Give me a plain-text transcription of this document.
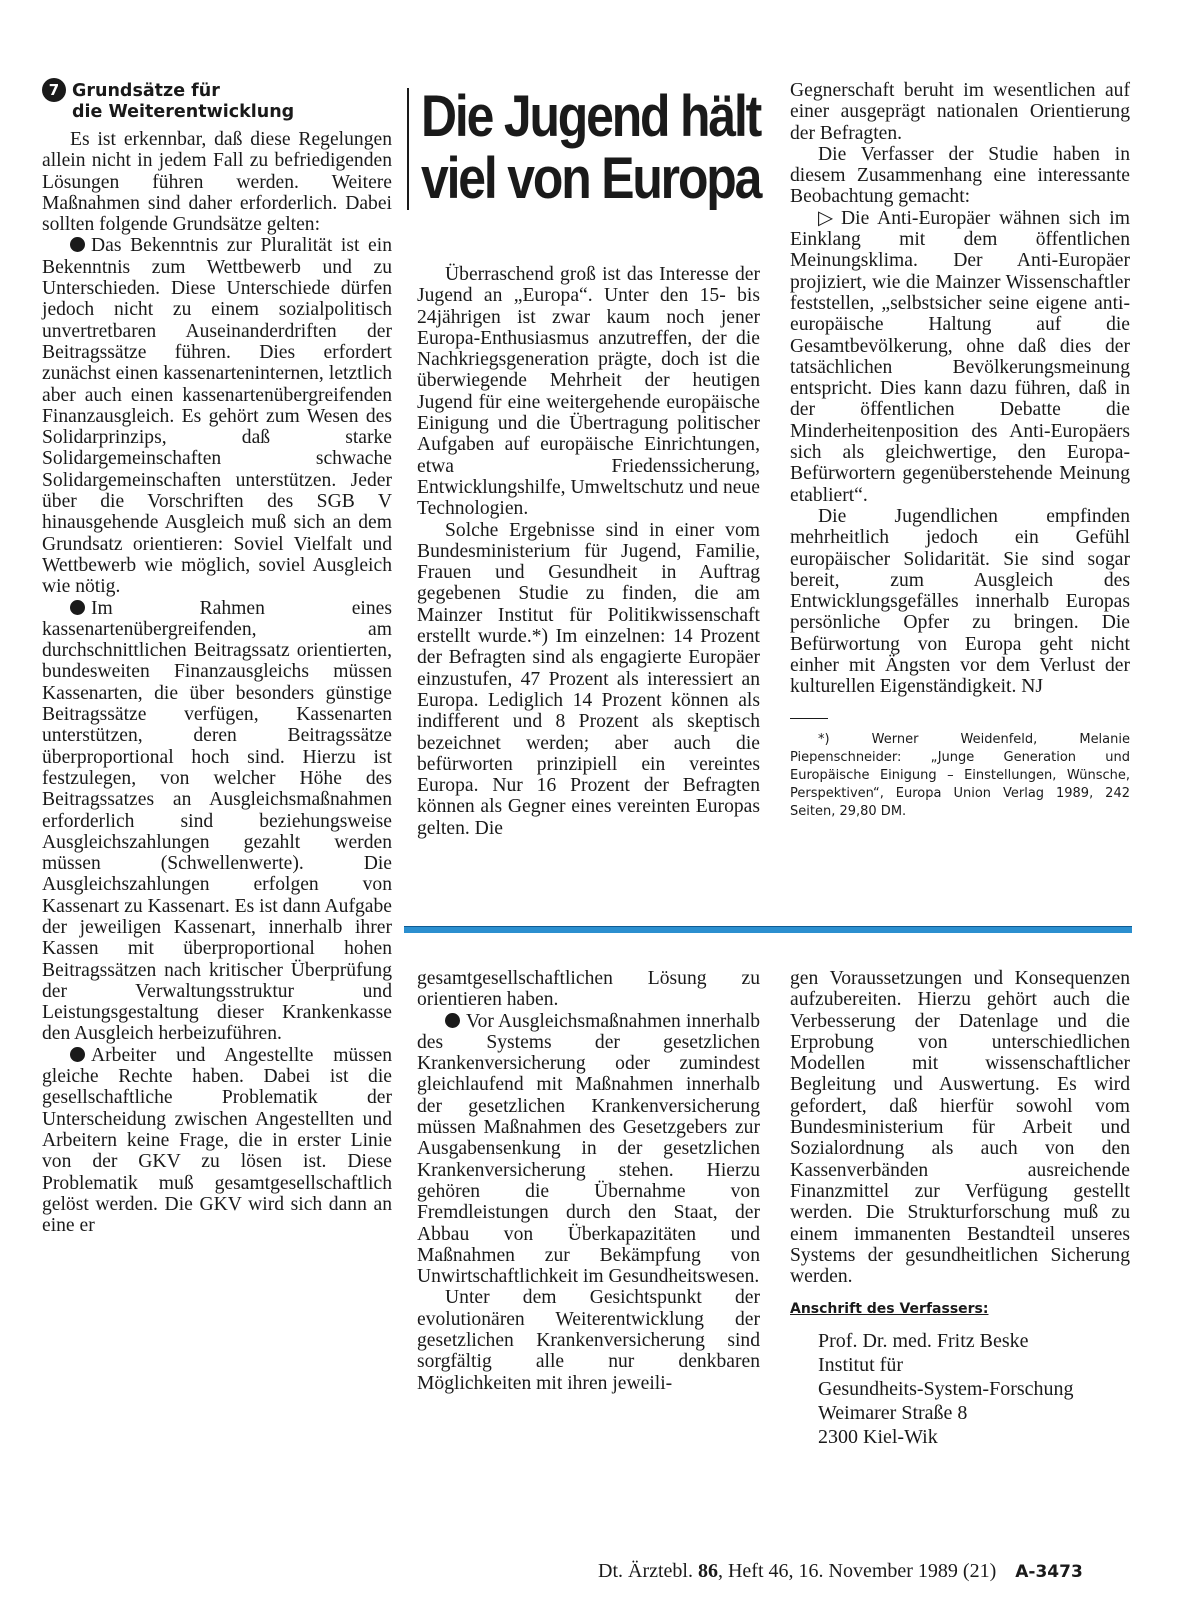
7 Grundsätze für
die Weiterentwicklung

Es ist erkennbar, daß diese Regelungen allein nicht in jedem Fall zu befriedigenden Lösungen führen werden. Weitere Maßnahmen sind daher erforderlich. Dabei sollten folgende Grundsätze gelten:

Das Bekenntnis zur Pluralität ist ein Bekenntnis zum Wettbewerb und zu Unterschieden. Diese Unterschiede dürfen jedoch nicht zu einem sozialpolitisch unvertretbaren Auseinanderdriften der Beitragssätze führen. Dies erfordert zunächst einen kassenarteninternen, letztlich aber auch einen kassenartenübergreifenden Finanzausgleich. Es gehört zum Wesen des Solidarprinzips, daß starke Solidargemeinschaften schwache Solidargemeinschaften unterstützen. Jeder über die Vorschriften des SGB V hinausgehende Ausgleich muß sich an dem Grundsatz orientieren: Soviel Vielfalt und Wettbewerb wie möglich, soviel Ausgleich wie nötig.

Im Rahmen eines kassenartenübergreifenden, am durchschnittlichen Beitragssatz orientierten, bundesweiten Finanzausgleichs müssen Kassenarten, die über besonders günstige Beitragssätze verfügen, Kassenarten unterstützen, deren Beitragssätze überproportional hoch sind. Hierzu ist festzulegen, von welcher Höhe des Beitragssatzes an Ausgleichsmaßnahmen erforderlich sind beziehungsweise Ausgleichszahlungen gezahlt werden müssen (Schwellenwerte). Die Ausgleichszahlungen erfolgen von Kassenart zu Kassenart. Es ist dann Aufgabe der jeweiligen Kassenart, innerhalb ihrer Kassen mit überproportional hohen Beitragssätzen nach kritischer Überprüfung der Verwaltungsstruktur und Leistungsgestaltung dieser Krankenkasse den Ausgleich herbeizuführen.

Arbeiter und Angestellte müssen gleiche Rechte haben. Dabei ist die gesellschaftliche Problematik der Unterscheidung zwischen Angestellten und Arbeitern keine Frage, die in erster Linie von der GKV zu lösen ist. Diese Problematik muß gesamtgesellschaftlich gelöst werden. Die GKV wird sich dann an eine er

Die Jugend hält
viel von Europa

Überraschend groß ist das Interesse der Jugend an „Europa“. Unter den 15- bis 24jährigen ist zwar kaum noch jener Europa-Enthusiasmus anzutreffen, der die Nachkriegsgeneration prägte, doch ist die überwiegende Mehrheit der heutigen Jugend für eine weitergehende europäische Einigung und die Übertragung politischer Aufgaben auf europäische Einrichtungen, etwa Friedenssicherung, Entwicklungshilfe, Umweltschutz und neue Technologien.

Solche Ergebnisse sind in einer vom Bundesministerium für Jugend, Familie, Frauen und Gesundheit in Auftrag gegebenen Studie zu finden, die am Mainzer Institut für Politikwissenschaft erstellt wurde.*) Im einzelnen: 14 Prozent der Befragten sind als engagierte Europäer einzustufen, 47 Prozent als interessiert an Europa. Lediglich 14 Prozent können als indifferent und 8 Prozent als skeptisch bezeichnet werden; aber auch die befürworten prinzipiell ein vereintes Europa. Nur 16 Prozent der Befragten können als Gegner eines vereinten Europas gelten. Die

Gegnerschaft beruht im wesentlichen auf einer ausgeprägt nationalen Orientierung der Befragten.

Die Verfasser der Studie haben in diesem Zusammenhang eine interessante Beobachtung gemacht:

▷ Die Anti-Europäer wähnen sich im Einklang mit dem öffentlichen Meinungsklima. Der Anti-Europäer projiziert, wie die Mainzer Wissenschaftler feststellen, „selbstsicher seine eigene anti-europäische Haltung auf die Gesamtbevölkerung, ohne daß dies der tatsächlichen Bevölkerungsmeinung entspricht. Dies kann dazu führen, daß in der öffentlichen Debatte die Minderheitenposition des Anti-Europäers sich als gleichwertige, den Europa-Befürwortern gegenüberstehende Meinung etabliert“.

Die Jugendlichen empfinden mehrheitlich jedoch ein Gefühl europäischer Solidarität. Sie sind sogar bereit, zum Ausgleich des Entwicklungsgefälles innerhalb Europas persönliche Opfer zu bringen. Die Befürwortung von Europa geht nicht einher mit Ängsten vor dem Verlust der kulturellen Eigenständigkeit. NJ

*) Werner Weidenfeld, Melanie Piepenschneider: „Junge Generation und Europäische Einigung – Einstellungen, Wünsche, Perspektiven“, Europa Union Verlag 1989, 242 Seiten, 29,80 DM.

gesamtgesellschaftlichen Lösung zu orientieren haben.

Vor Ausgleichsmaßnahmen innerhalb des Systems der gesetzlichen Krankenversicherung oder zumindest gleichlaufend mit Maßnahmen innerhalb der gesetzlichen Krankenversicherung müssen Maßnahmen des Gesetzgebers zur Ausgabensenkung in der gesetzlichen Krankenversicherung stehen. Hierzu gehören die Übernahme von Fremdleistungen durch den Staat, der Abbau von Überkapazitäten und Maßnahmen zur Bekämpfung von Unwirtschaftlichkeit im Gesundheitswesen.

Unter dem Gesichtspunkt der evolutionären Weiterentwicklung der gesetzlichen Krankenversicherung sind sorgfältig alle nur denkbaren Möglichkeiten mit ihren jeweili-

gen Voraussetzungen und Konsequenzen aufzubereiten. Hierzu gehört auch die Verbesserung der Datenlage und die Erprobung von unterschiedlichen Modellen mit wissenschaftlicher Begleitung und Auswertung. Es wird gefordert, daß hierfür sowohl vom Bundesministerium für Arbeit und Sozialordnung als auch von den Kassenverbänden ausreichende Finanzmittel zur Verfügung gestellt werden. Die Strukturforschung muß zu einem immanenten Bestandteil unseres Systems der gesundheitlichen Sicherung werden.

Anschrift des Verfassers:

Prof. Dr. med. Fritz Beske

Institut für

Gesundheits-System-Forschung

Weimarer Straße 8

2300 Kiel-Wik

Dt. Ärztebl. 86, Heft 46, 16. November 1989 (21) A-3473
